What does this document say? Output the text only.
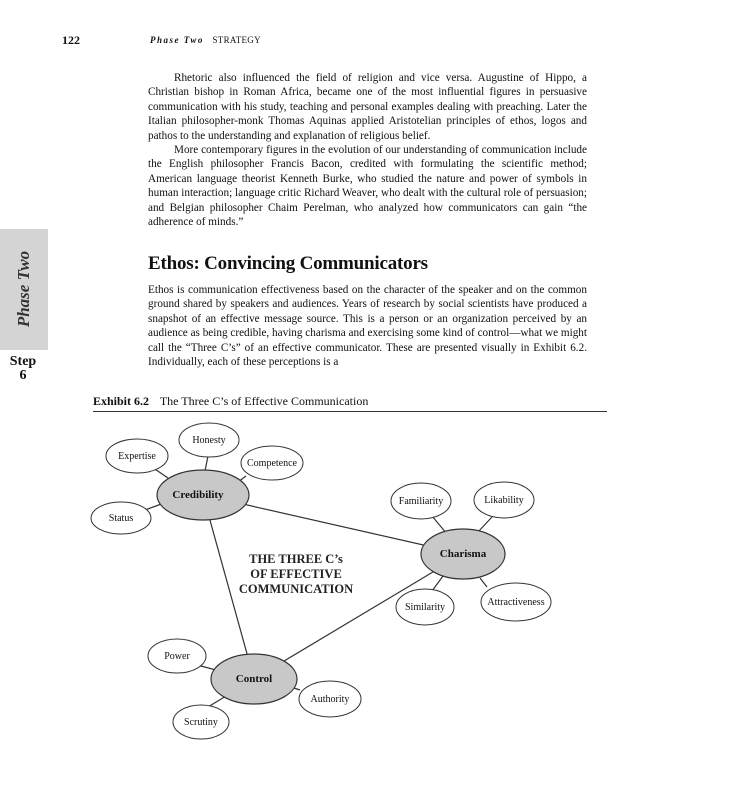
122	Phase Two STRATEGY

Rhetoric also influenced the field of religion and vice versa. Augustine of Hippo, a Christian bishop in Roman Africa, became one of the most influential figures in persuasive communication with his study, teaching and personal examples dealing with preaching. Later the Italian philosopher-monk Thomas Aquinas applied Aristotelian principles of ethos, logos and pathos to the understanding and explanation of religious belief.

More contemporary figures in the evolution of our understanding of communication include the English philosopher Francis Bacon, credited with formulating the scientific method; American language theorist Kenneth Burke, who studied the nature and power of symbols in human interaction; language critic Richard Weaver, who dealt with the cultural role of persuasion; and Belgian philosopher Chaim Perelman, who analyzed how communicators can gain “the adherence of minds.”

Ethos: Convincing Communicators

Ethos is communication effectiveness based on the character of the speaker and on the common ground shared by speakers and audiences. Years of research by social scientists have produced a snapshot of an effective message source. This is a person or an organization perceived by an audience as being credible, having charisma and exercising some kind of control—what we might call the “Three C’s” of an effective communicator. These are presented visually in Exhibit 6.2. Individually, each of these perceptions is a

Phase Two
Step
6
Exhibit 6.2 The Three C’s of Effective Communication
Expertise
Honesty
Competence
Status
Familiarity	Likability
Similarity	Attractiveness
Power
Authority
Scrutiny
Credibility
Charisma
Control
THE THREE C’s
OF EFFECTIVE
COMMUNICATION
